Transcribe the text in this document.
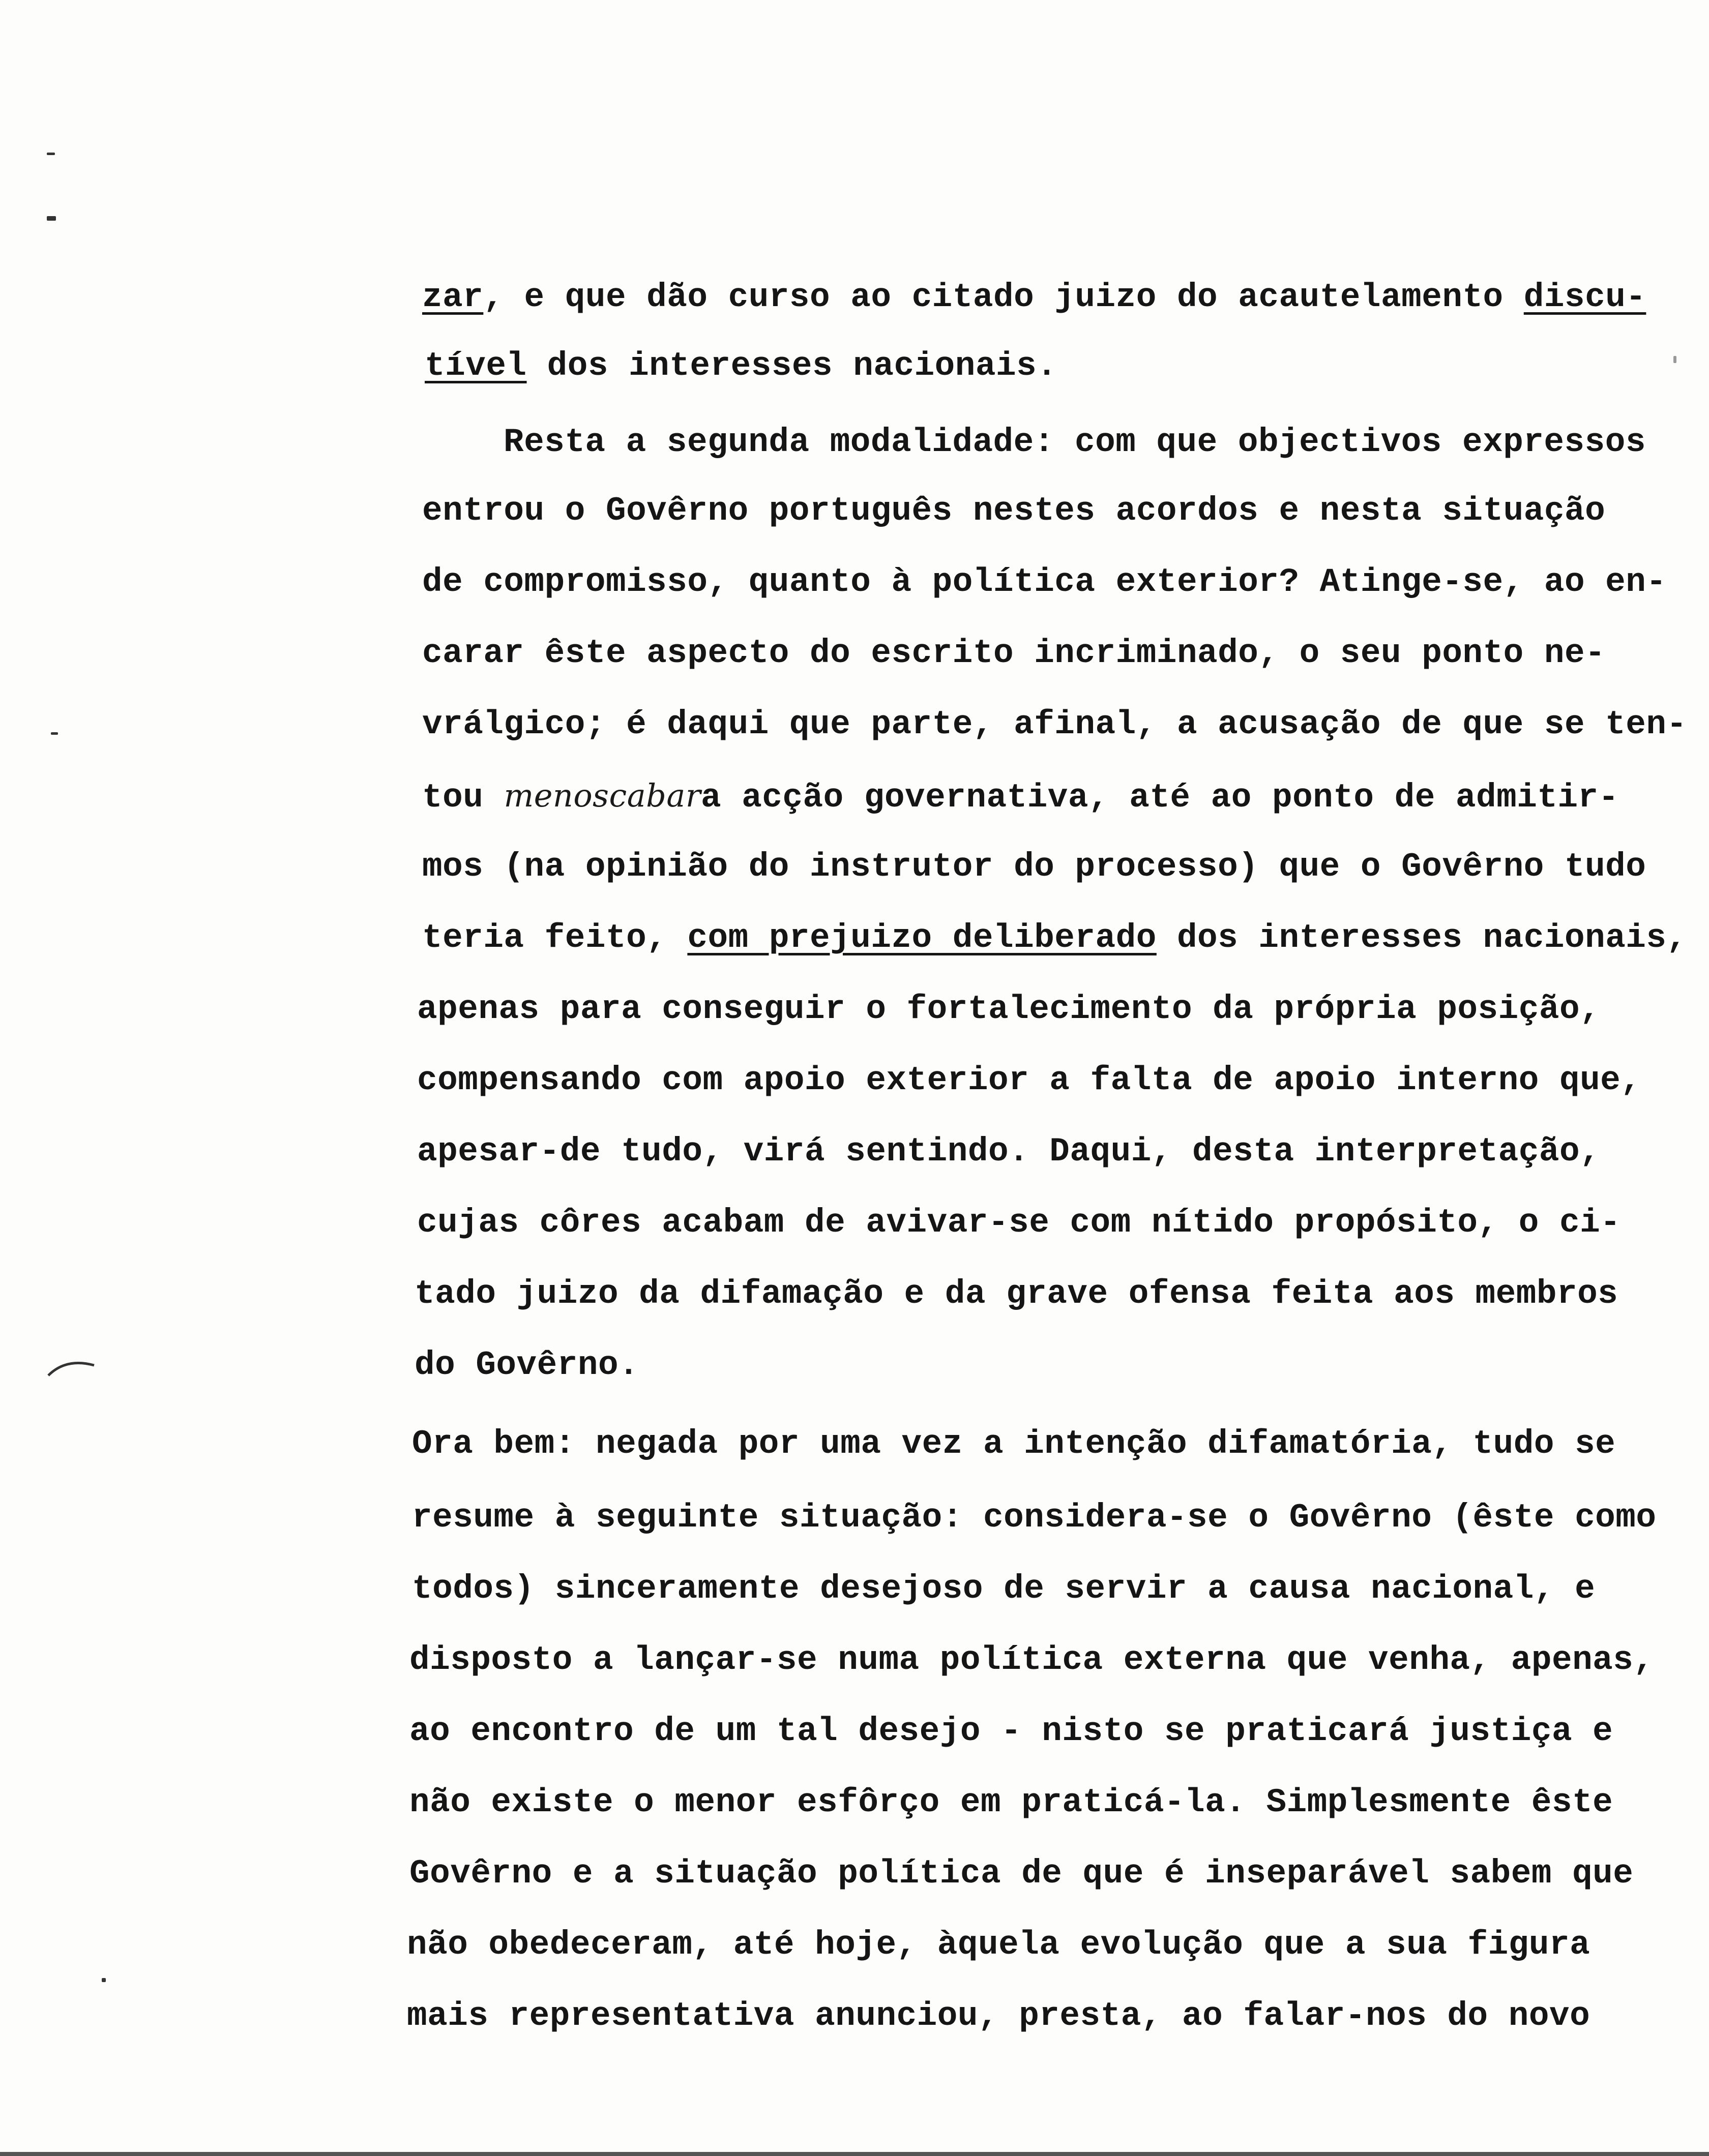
zar, e que dão curso ao citado juizo do acautelamento discu-
tível dos interesses nacionais.
Resta a segunda modalidade: com que objectivos expressos
entrou o Govêrno português nestes acordos e nesta situação
de compromisso, quanto à política exterior? Atinge-se, ao en-
carar êste aspecto do escrito incriminado, o seu ponto ne-
vrálgico; é daqui que parte, afinal, a acusação de que se ten-
tou menoscabara acção governativa, até ao ponto de admitir-
mos (na opinião do instrutor do processo) que o Govêrno tudo
teria feito, com prejuizo deliberado dos interesses nacionais,
apenas para conseguir o fortalecimento da própria posição,
compensando com apoio exterior a falta de apoio interno que,
apesar-de tudo, virá sentindo. Daqui, desta interpretação,
cujas côres acabam de avivar-se com nítido propósito, o ci-
tado juizo da difamação e da grave ofensa feita aos membros
do Govêrno.
Ora bem: negada por uma vez a intenção difamatória, tudo se
resume à seguinte situação: considera-se o Govêrno (êste como
todos) sinceramente desejoso de servir a causa nacional, e
disposto a lançar-se numa política externa que venha, apenas,
ao encontro de um tal desejo - nisto se praticará justiça e
não existe o menor esfôrço em praticá-la. Simplesmente êste
Govêrno e a situação política de que é inseparável sabem que
não obedeceram, até hoje, àquela evolução que a sua figura
mais representativa anunciou, presta, ao falar-nos do novo
